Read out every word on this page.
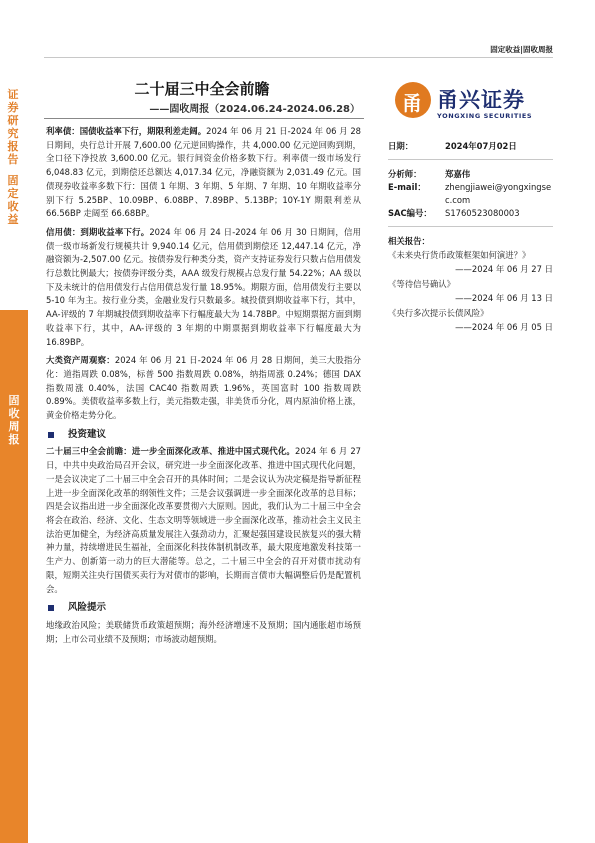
固定收益|固收周报
证券研究报告
固定收益
固收周报
二十届三中全会前瞻
——固收周报（2024.06.24-2024.06.28） 甬 甬兴证券
YONGXING SECURITIES

利率债：国债收益率下行，期限利差走阔。2024 年 06 月 21 日-2024 年 06 月 28 日期间，央行总计开展 7,600.00 亿元逆回购操作，共 4,000.00 亿元逆回购到期，全口径下净投放 3,600.00 亿元。银行间资金价格多数下行。利率债一级市场发行 6,048.83 亿元，到期偿还总额达 4,017.34 亿元，净融资额为 2,031.49 亿元。国债现券收益率多数下行：国债 1 年期、3 年期、5 年期、7 年期、10 年期收益率分别下行 5.25BP、10.09BP、6.08BP、7.89BP、5.13BP；10Y-1Y 期限利差从 66.56BP 走阔至 66.68BP。

信用债：到期收益率下行。2024 年 06 月 24 日-2024 年 06 月 30 日期间，信用债一级市场新发行规模共计 9,940.14 亿元，信用债到期偿还 12,447.14 亿元，净融资额为-2,507.00 亿元。按债券发行种类分类，资产支持证券发行只数占信用债发行总数比例最大；按债券评级分类，AAA 级发行规模占总发行量 54.22%；AA 级以下及未统计的信用债发行占信用债总发行量 18.95%。期限方面，信用债发行主要以 5-10 年为主。按行业分类，金融业发行只数最多。城投债到期收益率下行，其中，AA-评级的 7 年期城投债到期收益率下行幅度最大为 14.78BP。中短期票据方面到期收益率下行，其中，AA-评级的 3 年期的中期票据到期收益率下行幅度最大为 16.89BP。

大类资产周观察：2024 年 06 月 21 日-2024 年 06 月 28 日期间，美三大股指分化：道指周跌 0.08%，标普 500 指数周跌 0.08%，纳指周涨 0.24%；德国 DAX 指数周涨 0.40%，法国 CAC40 指数周跌 1.96%，英国富时 100 指数周跌 0.89%。美债收益率多数上行，美元指数走强，非美货币分化，周内原油价格上涨，黄金价格走势分化。

投资建议

二十届三中全会前瞻：进一步全面深化改革、推进中国式现代化。2024 年 6 月 27 日，中共中央政治局召开会议，研究进一步全面深化改革、推进中国式现代化问题，一是会议决定了二十届三中全会召开的具体时间；二是会议认为决定稿是指导新征程上进一步全面深化改革的纲领性文件；三是会议强调进一步全面深化改革的总目标；四是会议指出进一步全面深化改革要贯彻六大原则。因此，我们认为二十届三中全会将会在政治、经济、文化、生态文明等领域进一步全面深化改革，推动社会主义民主法治更加健全，为经济高质量发展注入强劲动力，汇聚起强国建设民族复兴的强大精神力量，持续增进民生福祉，全面深化科技体制机制改革，最大限度地激发科技第一生产力、创新第一动力的巨大潜能等。总之，二十届三中全会的召开对债市扰动有限，短期关注央行国债买卖行为对债市的影响，长期而言债市大幅调整后仍是配置机会。

风险提示

地缘政治风险；美联储货币政策超预期；海外经济增速不及预期；国内通胀超市场预期；上市公司业绩不及预期；市场波动超预期。

日期：	2024年07月02日
分析师：	郑嘉伟
E-mail：	zhengjiawei@yongxingsec.com
SAC编号：	S1760523080003
相关报告：
《未来央行货币政策框架如何演进？》
——2024 年 06 月 27 日
《等待信号确认》
——2024 年 06 月 13 日
《央行多次提示长债风险》
——2024 年 06 月 05 日
